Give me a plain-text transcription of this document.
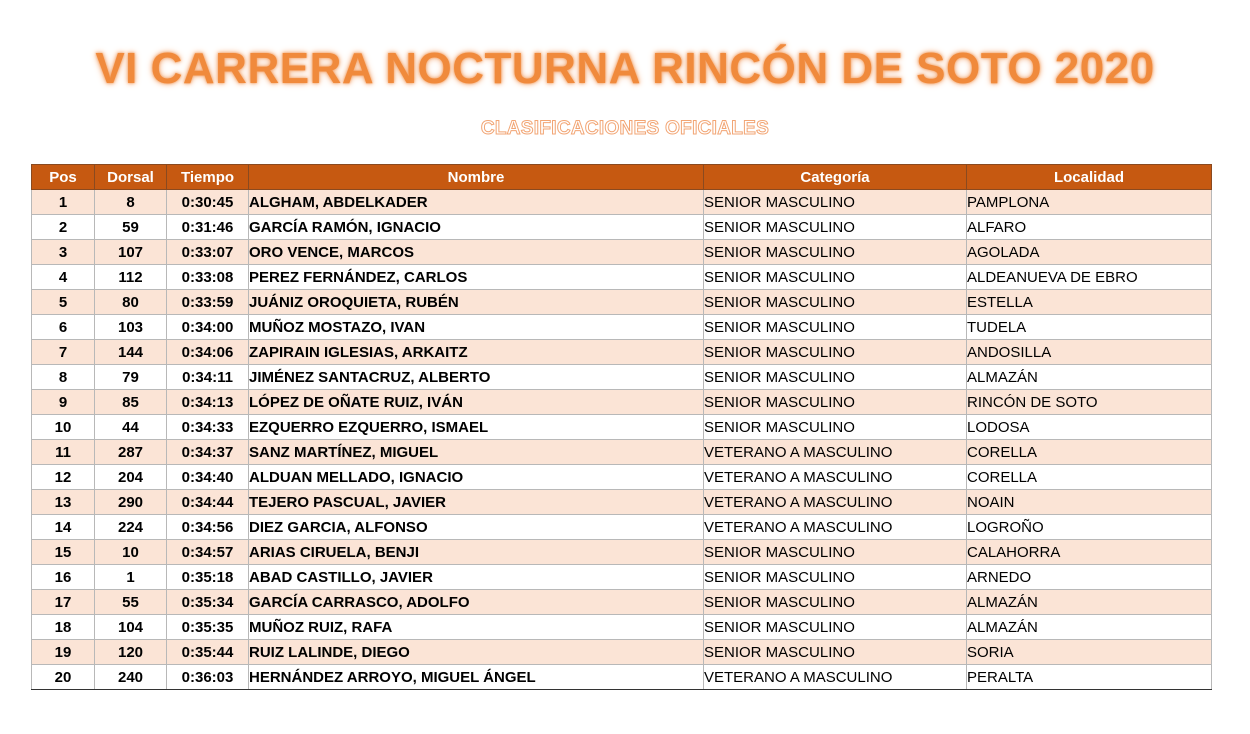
VI CARRERA NOCTURNA RINCÓN DE SOTO 2020
CLASIFICACIONES OFICIALES
Pos	Dorsal	Tiempo	Nombre	Categoría	Localidad
1	8	0:30:45	ALGHAM, ABDELKADER	SENIOR MASCULINO	PAMPLONA
2	59	0:31:46	GARCÍA RAMÓN, IGNACIO	SENIOR MASCULINO	ALFARO
3	107	0:33:07	ORO VENCE, MARCOS	SENIOR MASCULINO	AGOLADA
4	112	0:33:08	PEREZ FERNÁNDEZ, CARLOS	SENIOR MASCULINO	ALDEANUEVA DE EBRO
5	80	0:33:59	JUÁNIZ OROQUIETA, RUBÉN	SENIOR MASCULINO	ESTELLA
6	103	0:34:00	MUÑOZ MOSTAZO, IVAN	SENIOR MASCULINO	TUDELA
7	144	0:34:06	ZAPIRAIN IGLESIAS, ARKAITZ	SENIOR MASCULINO	ANDOSILLA
8	79	0:34:11	JIMÉNEZ SANTACRUZ, ALBERTO	SENIOR MASCULINO	ALMAZÁN
9	85	0:34:13	LÓPEZ DE OÑATE RUIZ, IVÁN	SENIOR MASCULINO	RINCÓN DE SOTO
10	44	0:34:33	EZQUERRO EZQUERRO, ISMAEL	SENIOR MASCULINO	LODOSA
11	287	0:34:37	SANZ MARTÍNEZ, MIGUEL	VETERANO A MASCULINO	CORELLA
12	204	0:34:40	ALDUAN MELLADO, IGNACIO	VETERANO A MASCULINO	CORELLA
13	290	0:34:44	TEJERO PASCUAL, JAVIER	VETERANO A MASCULINO	NOAIN
14	224	0:34:56	DIEZ GARCIA, ALFONSO	VETERANO A MASCULINO	LOGROÑO
15	10	0:34:57	ARIAS CIRUELA, BENJI	SENIOR MASCULINO	CALAHORRA
16	1	0:35:18	ABAD CASTILLO, JAVIER	SENIOR MASCULINO	ARNEDO
17	55	0:35:34	GARCÍA CARRASCO, ADOLFO	SENIOR MASCULINO	ALMAZÁN
18	104	0:35:35	MUÑOZ RUIZ, RAFA	SENIOR MASCULINO	ALMAZÁN
19	120	0:35:44	RUIZ LALINDE, DIEGO	SENIOR MASCULINO	SORIA
20	240	0:36:03	HERNÁNDEZ ARROYO, MIGUEL ÁNGEL	VETERANO A MASCULINO	PERALTA
